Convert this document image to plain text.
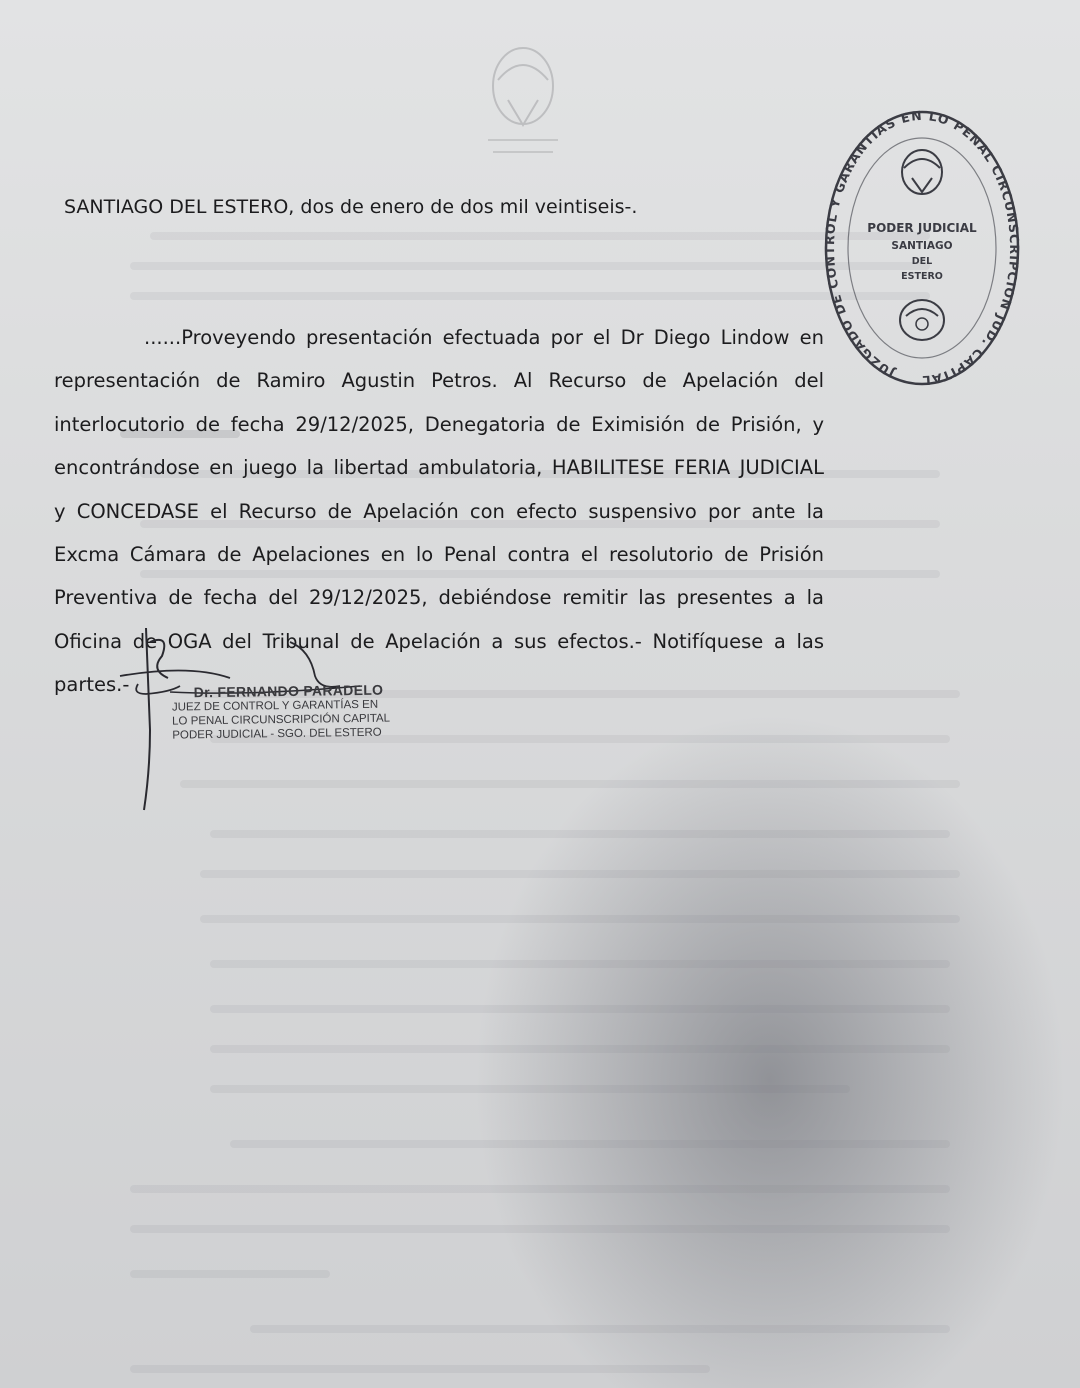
SANTIAGO DEL ESTERO, dos de enero de dos mil veintiseis-.
......Proveyendo presentación efectuada por el Dr Diego Lindow en
representación de Ramiro Agustin Petros. Al Recurso de Apelación del
interlocutorio de fecha 29/12/2025, Denegatoria de Eximisión de Prisión, y
encontrándose en juego la libertad ambulatoria, HABILITESE FERIA JUDICIAL
y CONCEDASE el Recurso de Apelación con efecto suspensivo por ante la
Excma Cámara de Apelaciones en lo Penal contra el resolutorio de Prisión
Preventiva de fecha del 29/12/2025, debiéndose remitir las presentes a la
Oficina de OGA del Tribunal de Apelación a sus efectos.- Notifíquese a las
partes.-
JUZGADO DE CONTROL Y GARANTIAS EN LO PENAL CIRCUNSCRIPCION JUD. CAPITAL
PODER JUDICIAL
SANTIAGO
DEL
ESTERO
Dr. FERNANDO PARADELO
JUEZ DE CONTROL Y GARANTÍAS EN
LO PENAL CIRCUNSCRIPCIÓN CAPITAL
PODER JUDICIAL - SGO. DEL ESTERO
